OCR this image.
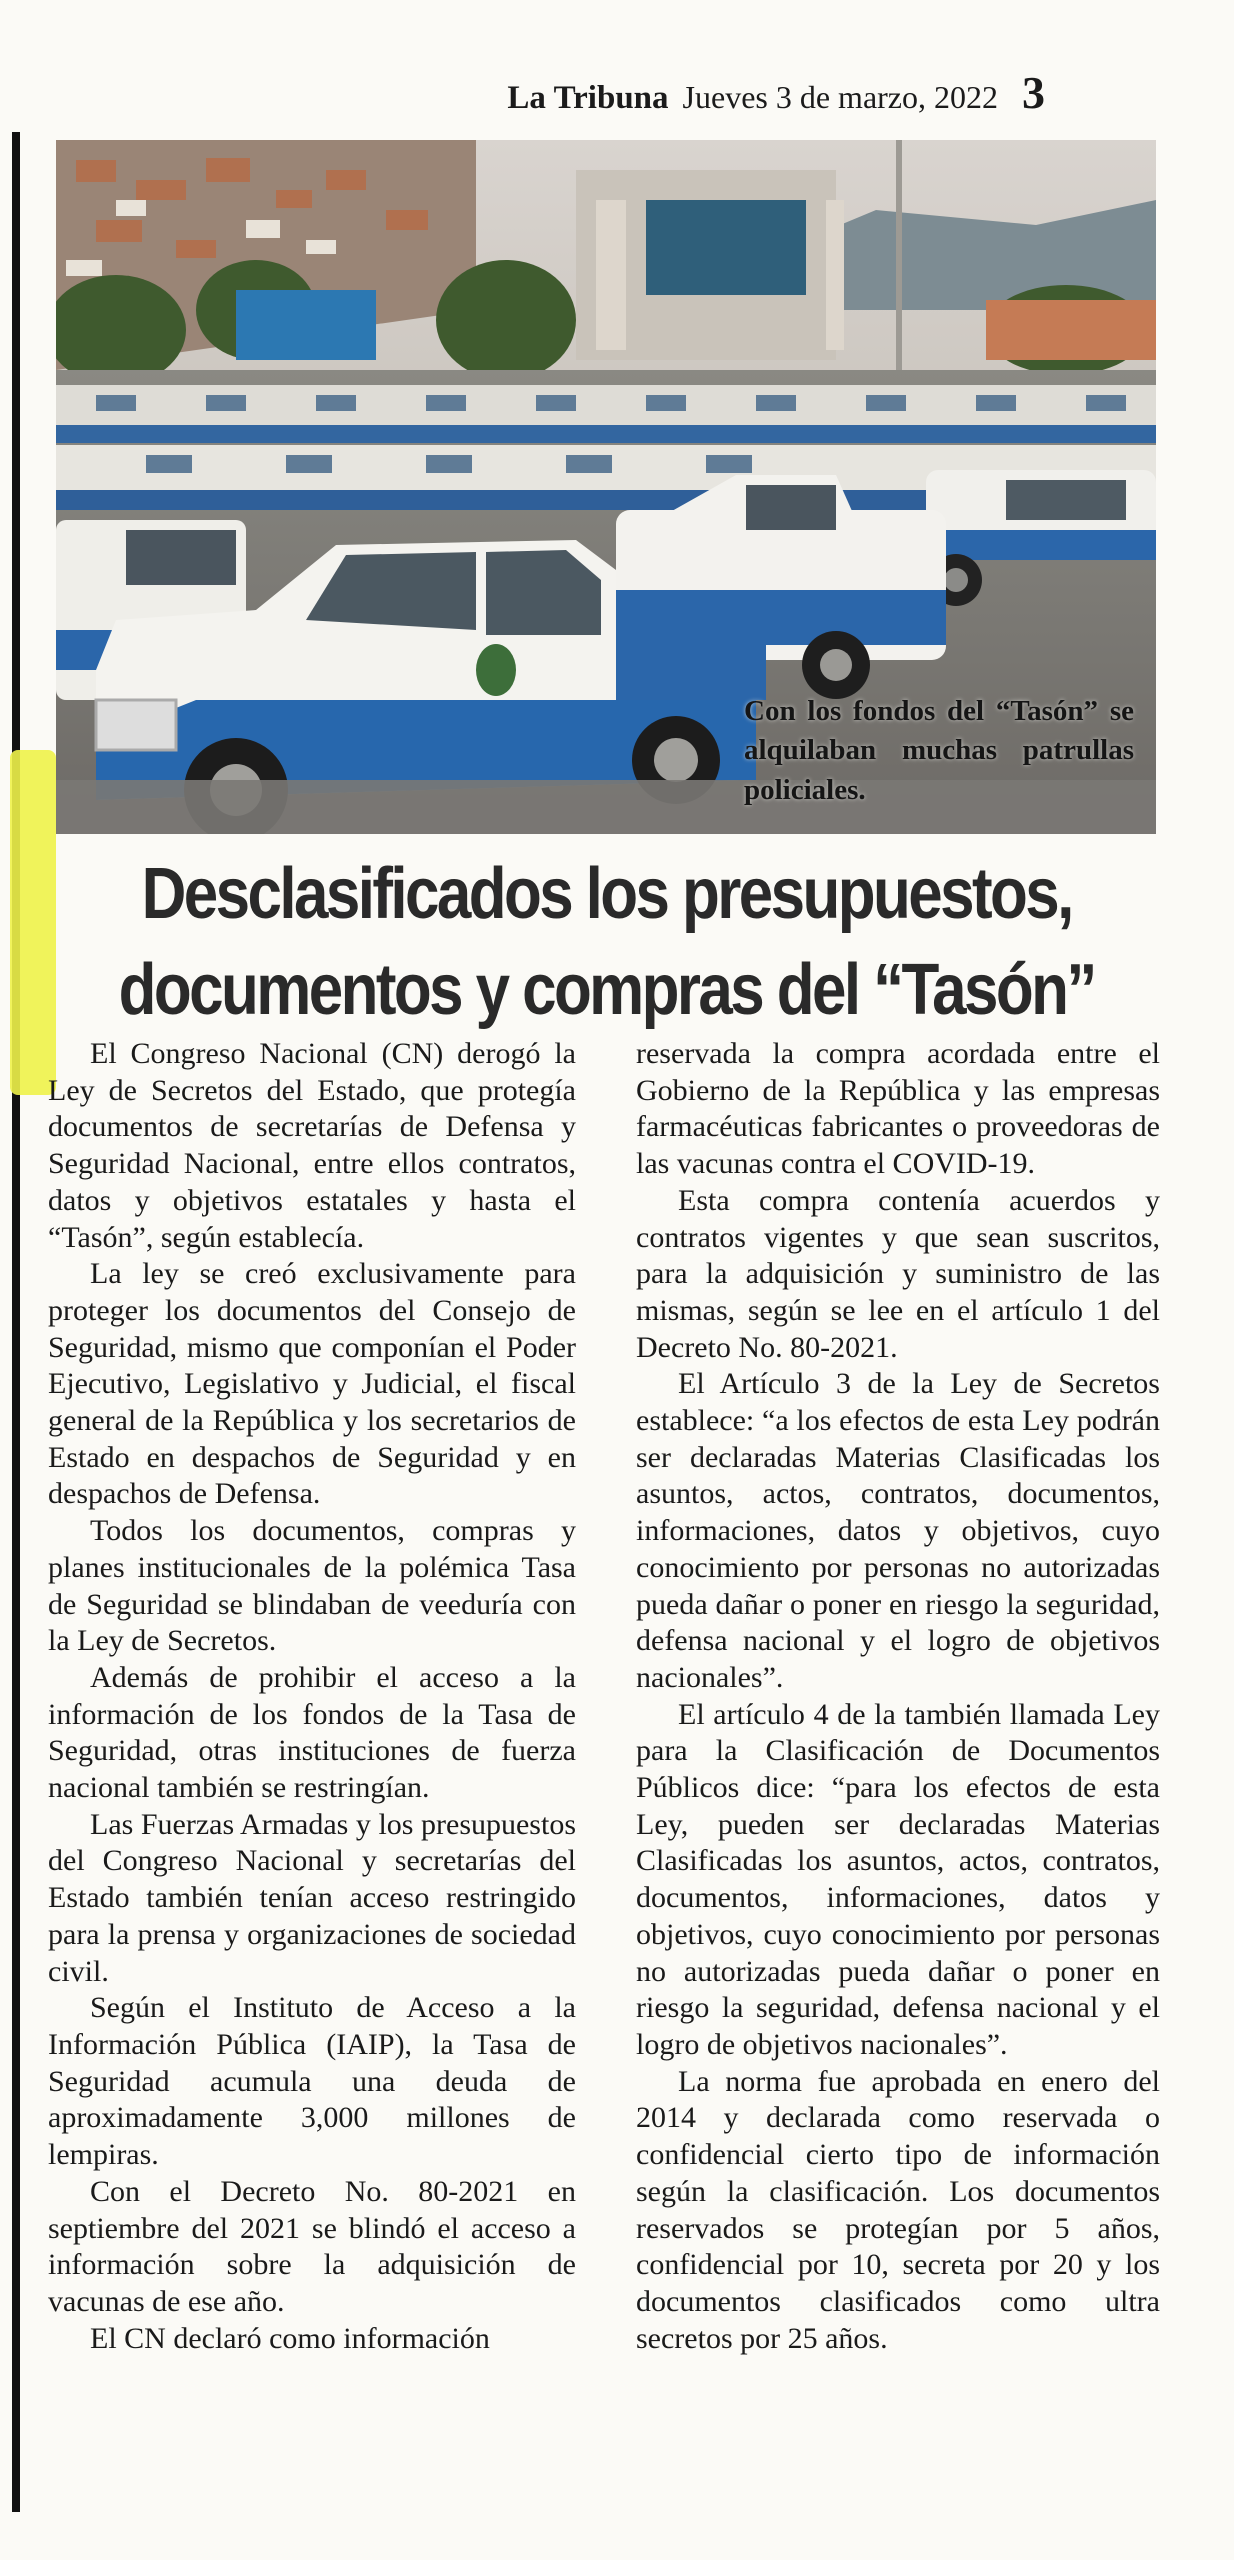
La Tribuna Jueves 3 de marzo, 2022 3
Con los fondos del “Tasón” se alquilaban muchas patrullas policiales.
Desclasificados los presupuestos,
documentos y compras del “Tasón”

El Congreso Nacional (CN) derogó la Ley de Secretos del Estado, que protegía documentos de secretarías de Defensa y Seguridad Nacional, entre ellos contratos, datos y objetivos estatales y hasta el “Tasón”, según establecía.

La ley se creó exclusivamente para proteger los documentos del Consejo de Seguridad, mismo que componían el Poder Ejecutivo, Legislativo y Judicial, el fiscal general de la República y los secretarios de Estado en despachos de Seguridad y en despachos de Defensa.

Todos los documentos, compras y planes institucionales de la polémica Tasa de Seguridad se blindaban de veeduría con la Ley de Secretos.

Además de prohibir el acceso a la información de los fondos de la Tasa de Seguridad, otras instituciones de fuerza nacional también se restringían.

Las Fuerzas Armadas y los presupuestos del Congreso Nacional y secretarías del Estado también tenían acceso restringido para la prensa y organizaciones de sociedad civil.

Según el Instituto de Acceso a la Información Pública (IAIP), la Tasa de Seguridad acumula una deuda de aproximadamente 3,000 millones de lempiras.

Con el Decreto No. 80-2021 en septiembre del 2021 se blindó el acceso a información sobre la adquisición de vacunas de ese año.

El CN declaró como información

reservada la compra acordada entre el Gobierno de la República y las empresas farmacéuticas fabricantes o proveedoras de las vacunas contra el COVID-19.

Esta compra contenía acuerdos y contratos vigentes y que sean suscritos, para la adquisición y suministro de las mismas, según se lee en el artículo 1 del Decreto No. 80-2021.

El Artículo 3 de la Ley de Secretos establece: “a los efectos de esta Ley podrán ser declaradas Materias Clasificadas los asuntos, actos, contratos, documentos, informaciones, datos y objetivos, cuyo conocimiento por personas no autorizadas pueda dañar o poner en riesgo la seguridad, defensa nacional y el logro de objetivos nacionales”.

El artículo 4 de la también llamada Ley para la Clasificación de Documentos Públicos dice: “para los efectos de esta Ley, pueden ser declaradas Materias Clasificadas los asuntos, actos, contratos, documentos, informaciones, datos y objetivos, cuyo conocimiento por personas no autorizadas pueda dañar o poner en riesgo la seguridad, defensa nacional y el logro de objetivos nacionales”.

La norma fue aprobada en enero del 2014 y declarada como reservada o confidencial cierto tipo de información según la clasificación. Los documentos reservados se protegían por 5 años, confidencial por 10, secreta por 20 y los documentos clasificados como ultra secretos por 25 años.
